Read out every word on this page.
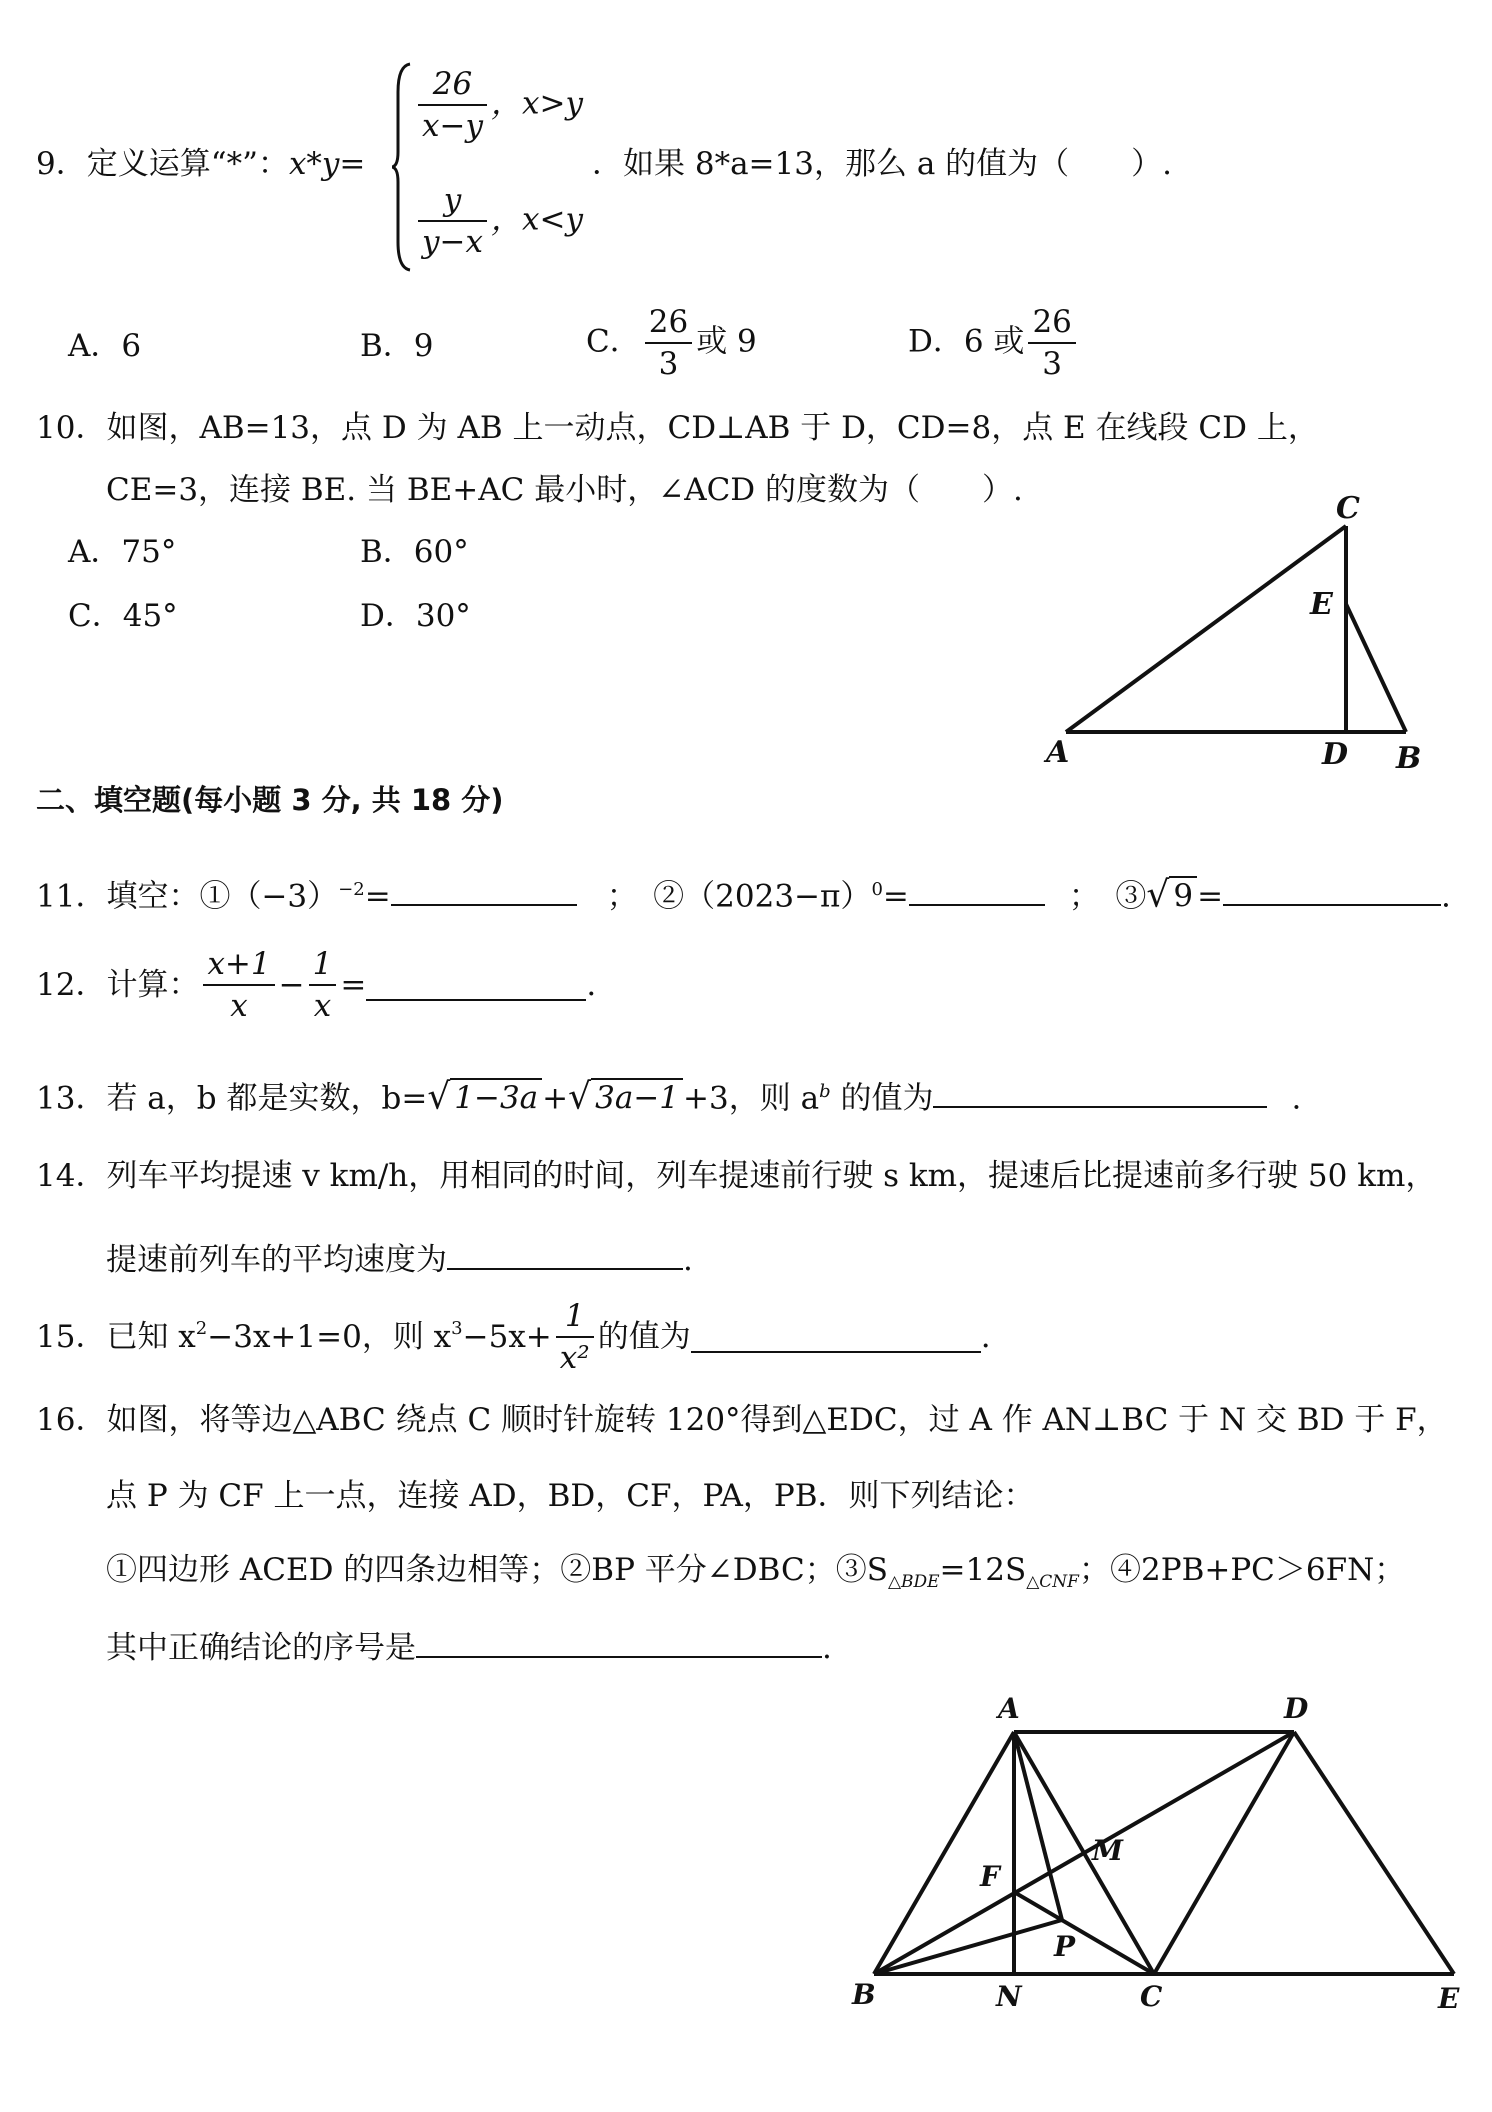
9．定义运算“*”：x*y=
$\frac{26}{x-y}$ ，x>y
$\frac{y}{y-x}$ ，x<y
．如果 8*a=13，那么 a 的值为（　　）.
A．6	B．9	C． $\frac{26}{3}$ 或 9	D．6 或 $\frac{26}{3}$
10．如图，AB=13，点 D 为 AB 上一动点，CD⊥AB 于 D，CD=8，点 E 在线段 CD 上，
CE=3，连接 BE. 当 BE+AC 最小时，∠ACD 的度数为（　　）.
A．75°	B．60°
C．45°	D．30°
C
E
A	D B
二、填空题(每小题 3 分, 共 18 分)
11．填空：$①(-3)^{-2}=$	；　$②(2023-\pi)^0=$	；　③√ 9 =	.
12．计算： $\frac{x+1}{x} - \frac{1}{x}$ =	.
13．若 a，b 都是实数，b=√ 1−3a +√ 3a−1 +3，则 $a^b$ 的值为	.
14．列车平均提速 v km/h，用相同的时间，列车提速前行驶 s km，提速后比提速前多行驶 50 km，
提速前列车的平均速度为	.
15．已知 $x^2-3x+1=0$，则 $x^3-5x+ \frac{1}{\text{x²}}$ 的值为	.
16．如图，将等边△ABC 绕点 C 顺时针旋转 120°得到△EDC，过 A 作 AN⊥BC 于 N 交 BD 于 F，
点 P 为 CF 上一点，连接 AD，BD，CF，PA，PB．则下列结论：
①四边形 ACED 的四条边相等；②BP 平分∠DBC；$③S_{\triangle BDE}=12S_{\triangle CNF}$；④2PB+PC＞6FN；
其中正确结论的序号是	.
A	D
M
F
P
B	N	C	E
